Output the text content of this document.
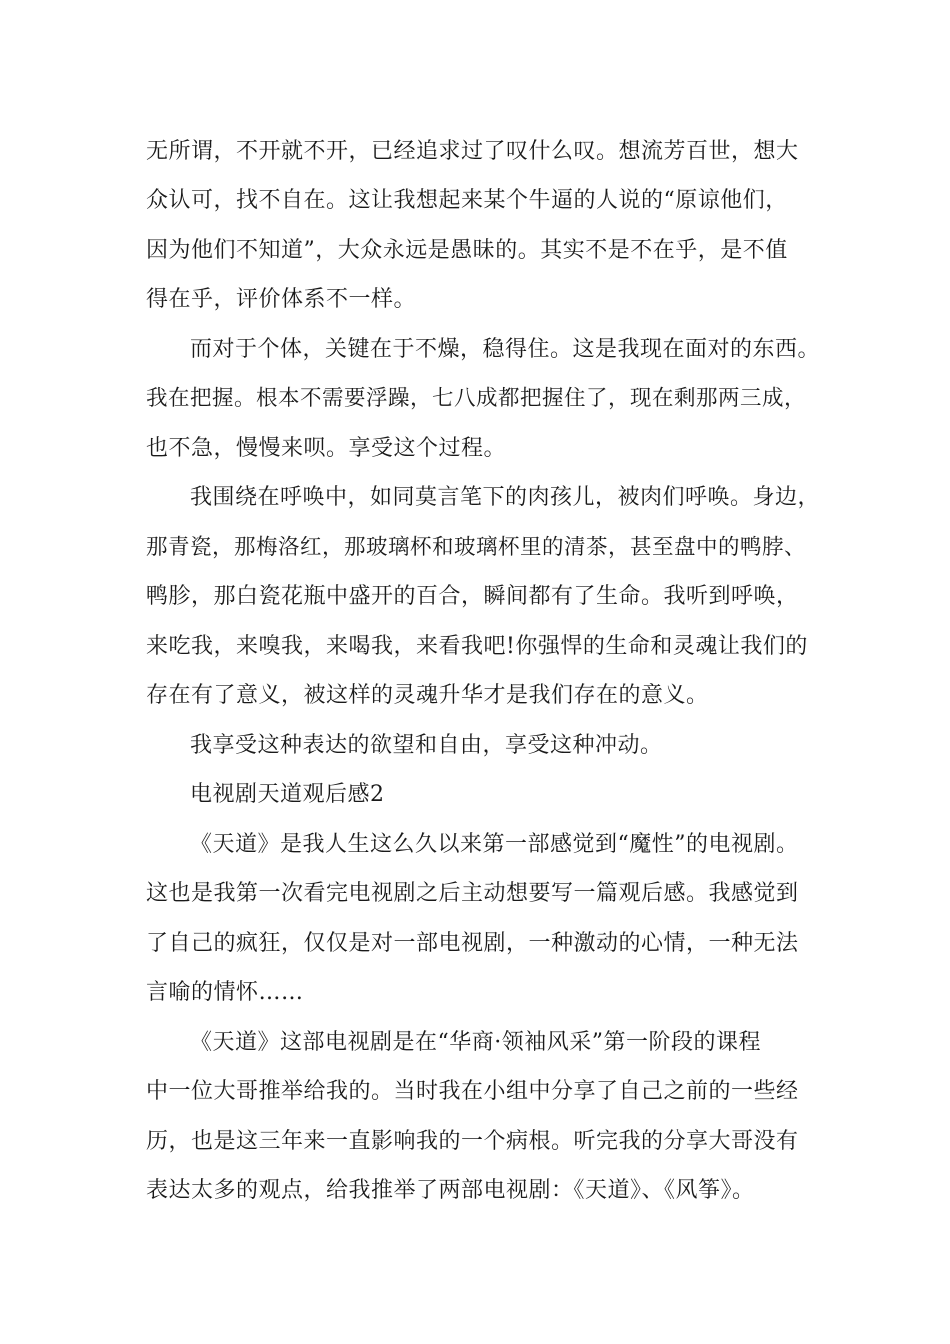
无所谓，不开就不开，已经追求过了叹什么叹。想流芳百世，想大
众认可，找不自在。这让我想起来某个牛逼的人说的“原谅他们，
因为他们不知道”，大众永远是愚昧的。其实不是不在乎，是不值
得在乎，评价体系不一样。
而对于个体，关键在于不燥，稳得住。这是我现在面对的东西。
我在把握。根本不需要浮躁，七八成都把握住了，现在剩那两三成，
也不急，慢慢来呗。享受这个过程。
我围绕在呼唤中，如同莫言笔下的肉孩儿，被肉们呼唤。身边，
那青瓷，那梅洛红，那玻璃杯和玻璃杯里的清茶，甚至盘中的鸭脖、
鸭胗，那白瓷花瓶中盛开的百合，瞬间都有了生命。我听到呼唤，
来吃我，来嗅我，来喝我，来看我吧!你强悍的生命和灵魂让我们的
存在有了意义，被这样的灵魂升华才是我们存在的意义。
我享受这种表达的欲望和自由，享受这种冲动。
电视剧天道观后感2
《天道》是我人生这么久以来第一部感觉到“魔性”的电视剧。
这也是我第一次看完电视剧之后主动想要写一篇观后感。我感觉到
了自己的疯狂，仅仅是对一部电视剧，一种激动的心情，一种无法
言喻的情怀……
《天道》这部电视剧是在“华商·领袖风采”第一阶段的课程
中一位大哥推举给我的。当时我在小组中分享了自己之前的一些经
历，也是这三年来一直影响我的一个病根。听完我的分享大哥没有
表达太多的观点，给我推举了两部电视剧：《天道》、《风筝》。
